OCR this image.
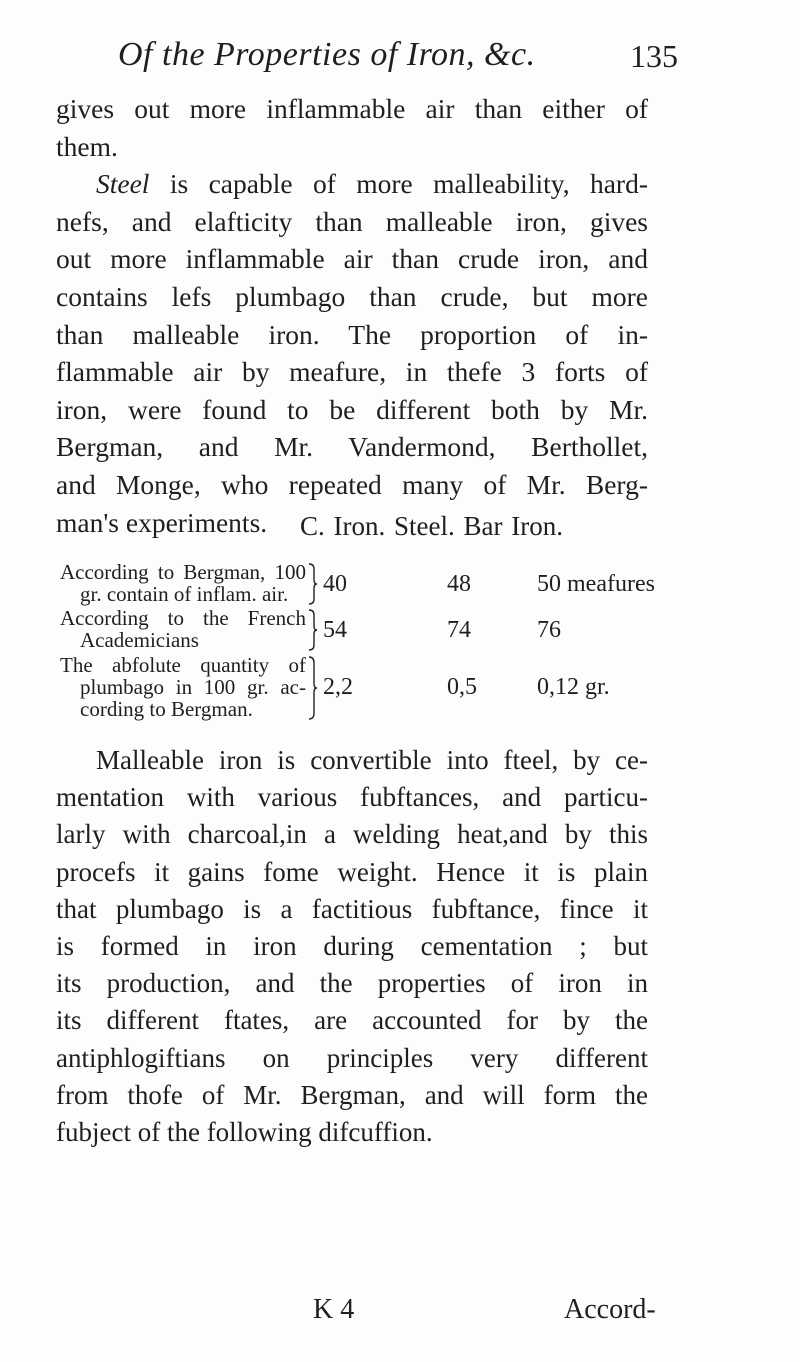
Of the Properties of Iron, &c.	135
gives out more inflammable air than either of
them.
Steel is capable of more malleability, hard-
nefs, and elafticity than malleable iron, gives
out more inflammable air than crude iron, and
contains lefs plumbago than crude, but more
than malleable iron. The proportion of in-
flammable air by meafure, in thefe 3 forts of
iron, were found to be different both by Mr.
Bergman, and Mr. Vandermond, Berthollet,
and Monge, who repeated many of Mr. Berg-
man's experiments.	C. Iron. Steel. Bar Iron.
According to Bergman, 100
gr. contain of inflam. air.	40	48	50 meafures
According to the French
Academicians	54	74	76
The abfolute quantity of
plumbago in 100 gr. ac-
cording to Bergman.
2,2	0,5	0,12 gr.
Malleable iron is convertible into fteel, by ce-
mentation with various fubftances, and particu-
larly with charcoal,in a welding heat,and by this
procefs it gains fome weight. Hence it is plain
that plumbago is a factitious fubftance, fince it
is formed in iron during cementation ; but
its production, and the properties of iron in
its different ftates, are accounted for by the
antiphlogiftians on principles very different
from thofe of Mr. Bergman, and will form the
fubject of the following difcuffion.
K 4	Accord-
